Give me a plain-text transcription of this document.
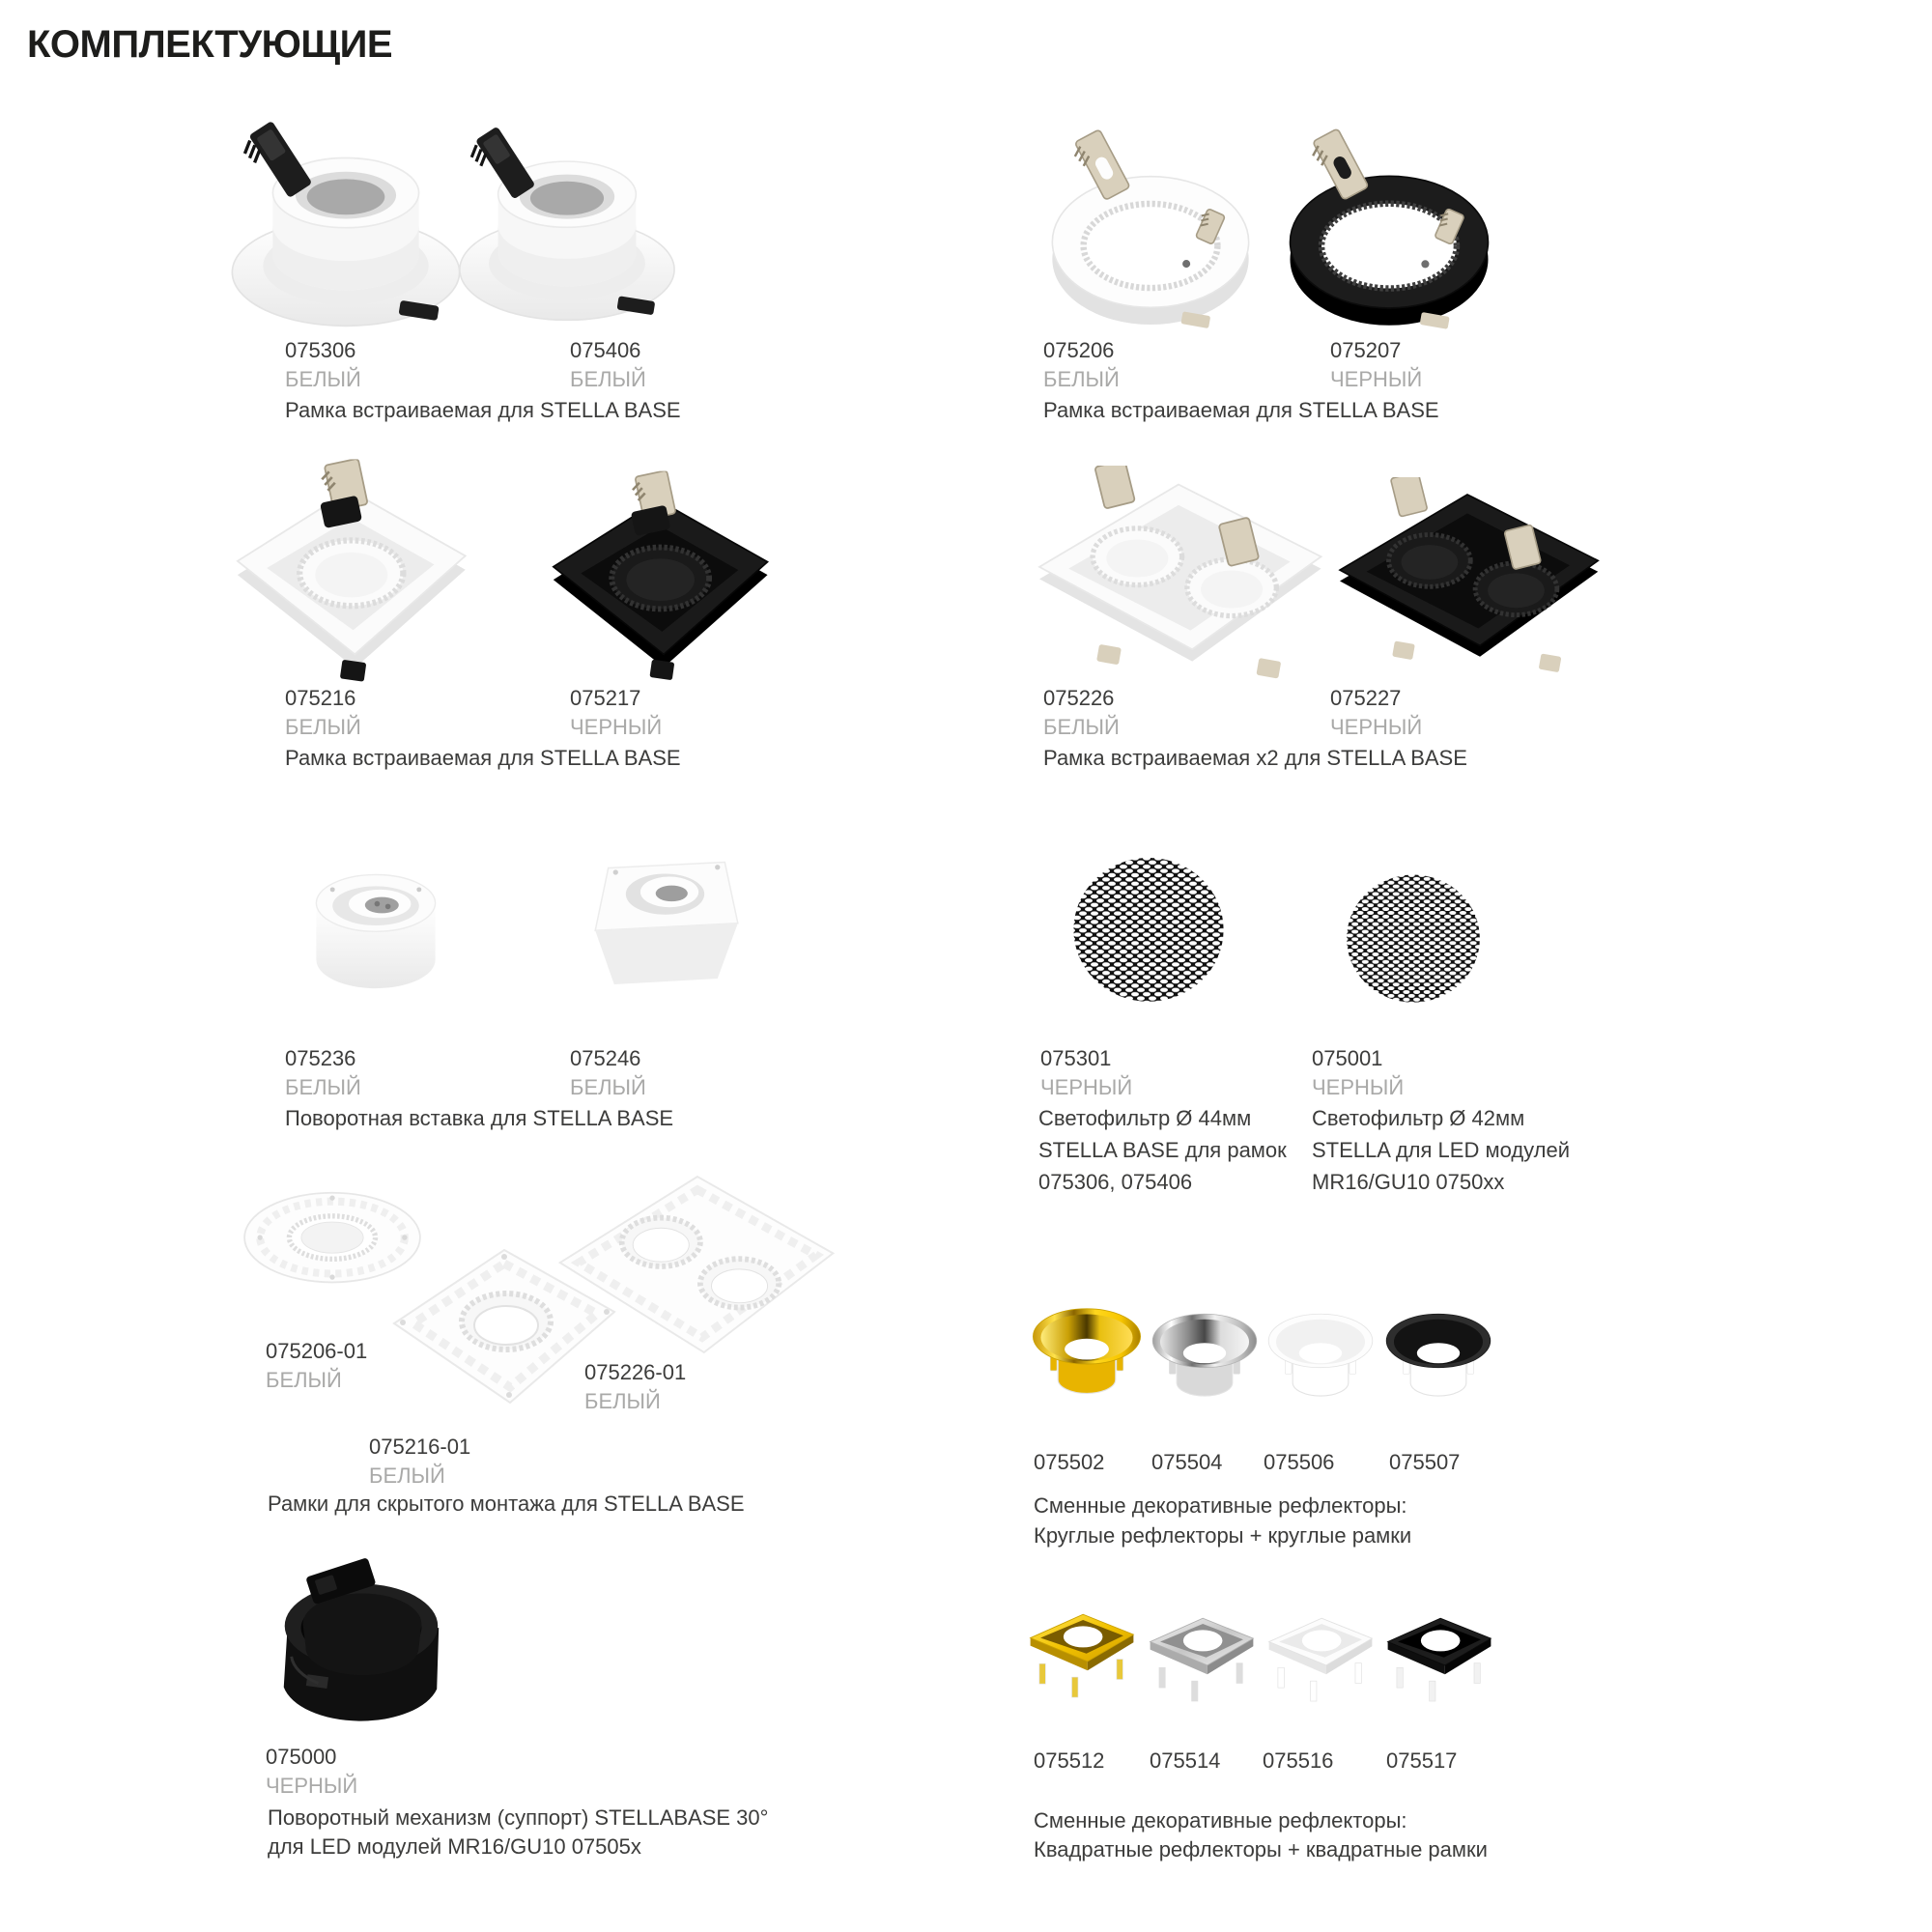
КОМПЛЕКТУЮЩИЕ
075306
БЕЛЫЙ
075406
БЕЛЫЙ
Рамка встраиваемая для STELLA BASE
075206
БЕЛЫЙ
075207
ЧЕРНЫЙ
Рамка встраиваемая для STELLA BASE
075216
БЕЛЫЙ
075217
ЧЕРНЫЙ
Рамка встраиваемая для STELLA BASE
075226
БЕЛЫЙ
075227
ЧЕРНЫЙ
Рамка встраиваемая x2 для STELLA BASE
075236
БЕЛЫЙ
075246
БЕЛЫЙ
Поворотная вставка для STELLA BASE
075301
ЧЕРНЫЙ
Светофильтр Ø 44мм
STELLA BASE для рамок
075306, 075406
075001
ЧЕРНЫЙ
Светофильтр Ø 42мм
STELLA для LED модулей
MR16/GU10 0750xx
075206-01
БЕЛЫЙ
075216-01
БЕЛЫЙ
075226-01
БЕЛЫЙ
Рамки для скрытого монтажа для STELLA BASE
075502 075504 075506	075507
Сменные декоративные рефлекторы:
Круглые рефлекторы + круглые рамки
075000
ЧЕРНЫЙ
Поворотный механизм (суппорт) STELLABASE 30°
для LED модулей MR16/GU10 07505x
075512 075514 075516 075517
Сменные декоративные рефлекторы:
Квадратные рефлекторы + квадратные рамки
